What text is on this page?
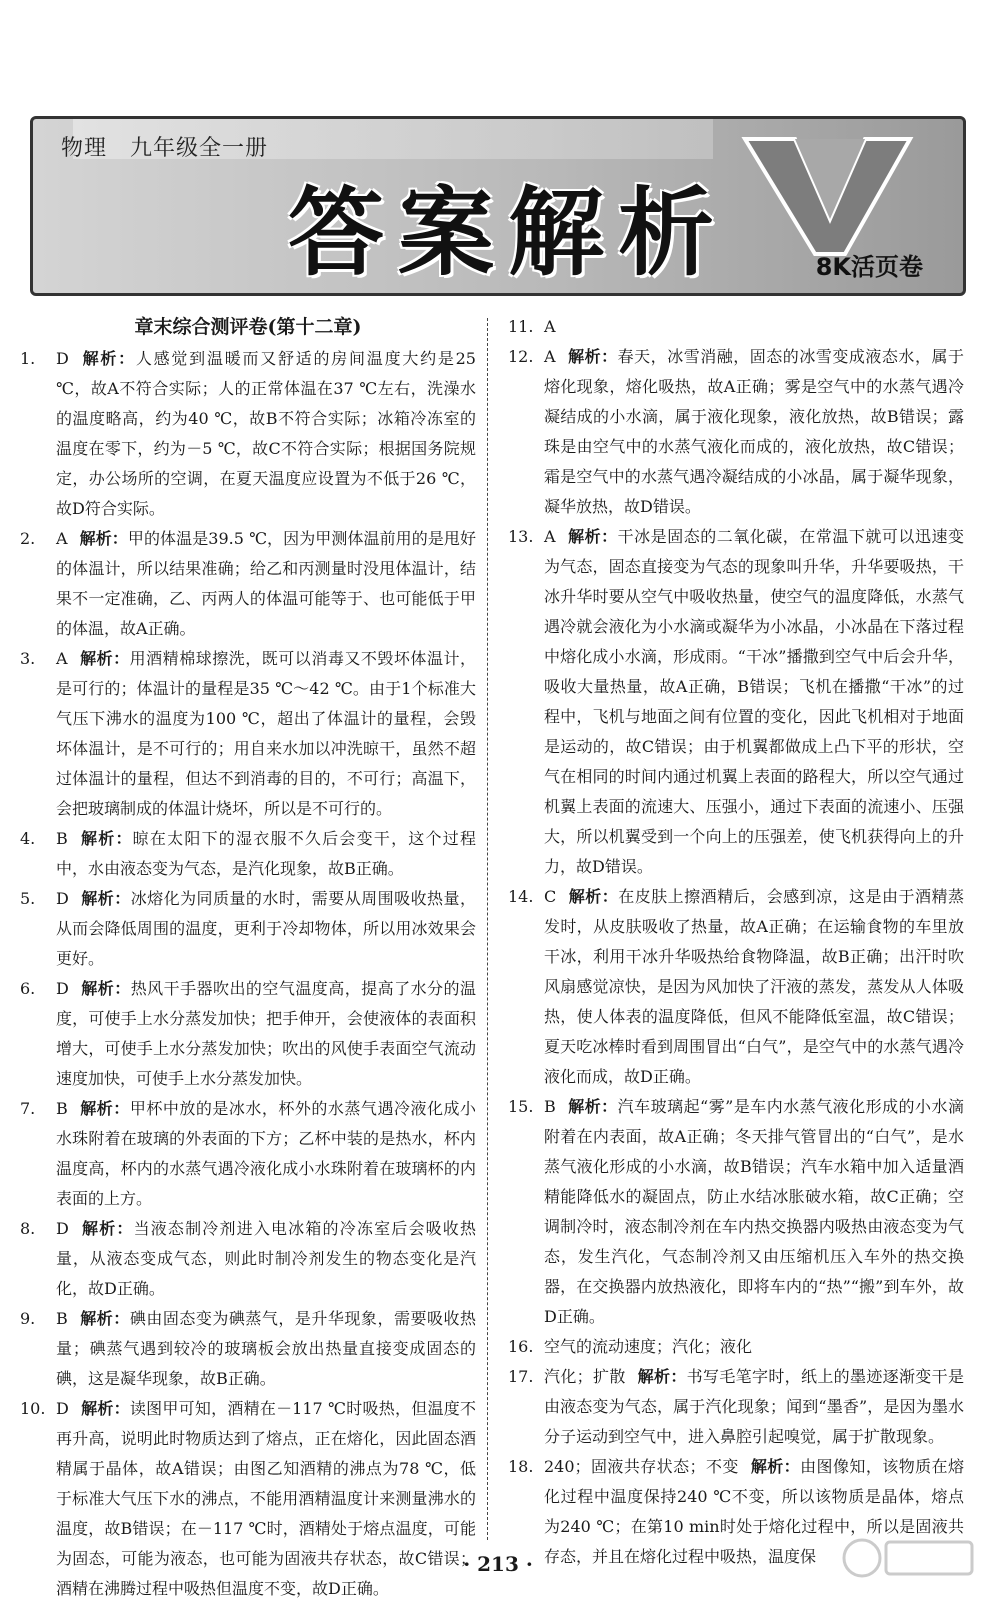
物理　九年级全一册
答案解析	8K活页卷
章末综合测评卷(第十二章)
1.	D 解析：人感觉到温暖而又舒适的房间温度大约是25 ℃，故A不符合实际；人的正常体温在37 ℃左右，洗澡水的温度略高，约为40 ℃，故B不符合实际；冰箱冷冻室的温度在零下，约为－5 ℃，故C不符合实际；根据国务院规定，办公场所的空调，在夏天温度应设置为不低于26 ℃，故D符合实际。
2.	A 解析：甲的体温是39.5 ℃，因为甲测体温前用的是甩好的体温计，所以结果准确；给乙和丙测量时没甩体温计，结果不一定准确，乙、丙两人的体温可能等于、也可能低于甲的体温，故A正确。
3.	A 解析：用酒精棉球擦洗，既可以消毒又不毁坏体温计，是可行的；体温计的量程是35 ℃～42 ℃。由于1个标准大气压下沸水的温度为100 ℃，超出了体温计的量程，会毁坏体温计，是不可行的；用自来水加以冲洗晾干，虽然不超过体温计的量程，但达不到消毒的目的，不可行；高温下，会把玻璃制成的体温计烧坏，所以是不可行的。
4.	B 解析：晾在太阳下的湿衣服不久后会变干，这个过程中，水由液态变为气态，是汽化现象，故B正确。
5.	D 解析：冰熔化为同质量的水时，需要从周围吸收热量，从而会降低周围的温度，更利于冷却物体，所以用冰效果会更好。
6.	D 解析：热风干手器吹出的空气温度高，提高了水分的温度，可使手上水分蒸发加快；把手伸开，会使液体的表面积增大，可使手上水分蒸发加快；吹出的风使手表面空气流动速度加快，可使手上水分蒸发加快。
7.	B 解析：甲杯中放的是冰水，杯外的水蒸气遇冷液化成小水珠附着在玻璃的外表面的下方；乙杯中装的是热水，杯内温度高，杯内的水蒸气遇冷液化成小水珠附着在玻璃杯的内表面的上方。
8.	D 解析：当液态制冷剂进入电冰箱的冷冻室后会吸收热量，从液态变成气态，则此时制冷剂发生的物态变化是汽化，故D正确。
9.	B 解析：碘由固态变为碘蒸气，是升华现象，需要吸收热量；碘蒸气遇到较冷的玻璃板会放出热量直接变成固态的碘，这是凝华现象，故B正确。
10. D 解析：读图甲可知，酒精在－117 ℃时吸热，但温度不再升高，说明此时物质达到了熔点，正在熔化，因此固态酒精属于晶体，故A错误；由图乙知酒精的沸点为78 ℃，低于标准大气压下水的沸点，不能用酒精温度计来测量沸水的温度，故B错误；在－117 ℃时，酒精处于熔点温度，可能为固态，可能为液态，也可能为固液共存状态，故C错误；酒精在沸腾过程中吸热但温度不变，故D正确。
11. A
12. A 解析：春天，冰雪消融，固态的冰雪变成液态水，属于熔化现象，熔化吸热，故A正确；雾是空气中的水蒸气遇冷凝结成的小水滴，属于液化现象，液化放热，故B错误；露珠是由空气中的水蒸气液化而成的，液化放热，故C错误；霜是空气中的水蒸气遇冷凝结成的小冰晶，属于凝华现象，凝华放热，故D错误。
13. A 解析：干冰是固态的二氧化碳，在常温下就可以迅速变为气态，固态直接变为气态的现象叫升华，升华要吸热，干冰升华时要从空气中吸收热量，使空气的温度降低，水蒸气遇冷就会液化为小水滴或凝华为小冰晶，小冰晶在下落过程中熔化成小水滴，形成雨。“干冰”播撒到空气中后会升华，吸收大量热量，故A正确，B错误；飞机在播撒“干冰”的过程中，飞机与地面之间有位置的变化，因此飞机相对于地面是运动的，故C错误；由于机翼都做成上凸下平的形状，空气在相同的时间内通过机翼上表面的路程大，所以空气通过机翼上表面的流速大、压强小，通过下表面的流速小、压强大，所以机翼受到一个向上的压强差，使飞机获得向上的升力，故D错误。
14. C 解析：在皮肤上擦酒精后，会感到凉，这是由于酒精蒸发时，从皮肤吸收了热量，故A正确；在运输食物的车里放干冰，利用干冰升华吸热给食物降温，故B正确；出汗时吹风扇感觉凉快，是因为风加快了汗液的蒸发，蒸发从人体吸热，使人体表的温度降低，但风不能降低室温，故C错误；夏天吃冰棒时看到周围冒出“白气”，是空气中的水蒸气遇冷液化而成，故D正确。
15. B 解析：汽车玻璃起“雾”是车内水蒸气液化形成的小水滴附着在内表面，故A正确；冬天排气管冒出的“白气”，是水蒸气液化形成的小水滴，故B错误；汽车水箱中加入适量酒精能降低水的凝固点，防止水结冰胀破水箱，故C正确；空调制冷时，液态制冷剂在车内热交换器内吸热由液态变为气态，发生汽化，气态制冷剂又由压缩机压入车外的热交换器，在交换器内放热液化，即将车内的“热”“搬”到车外，故D正确。
16. 空气的流动速度；汽化；液化
17. 汽化；扩散 解析：书写毛笔字时，纸上的墨迹逐渐变干是由液态变为气态，属于汽化现象；闻到“墨香”，是因为墨水分子运动到空气中，进入鼻腔引起嗅觉，属于扩散现象。
18. 240；固液共存状态；不变 解析：由图像知，该物质在熔化过程中温度保持240 ℃不变，所以该物质是晶体，熔点为240 ℃；在第10 min时处于熔化过程中，所以是固液共存态，并且在熔化过程中吸热，温度保
· 213 ·
